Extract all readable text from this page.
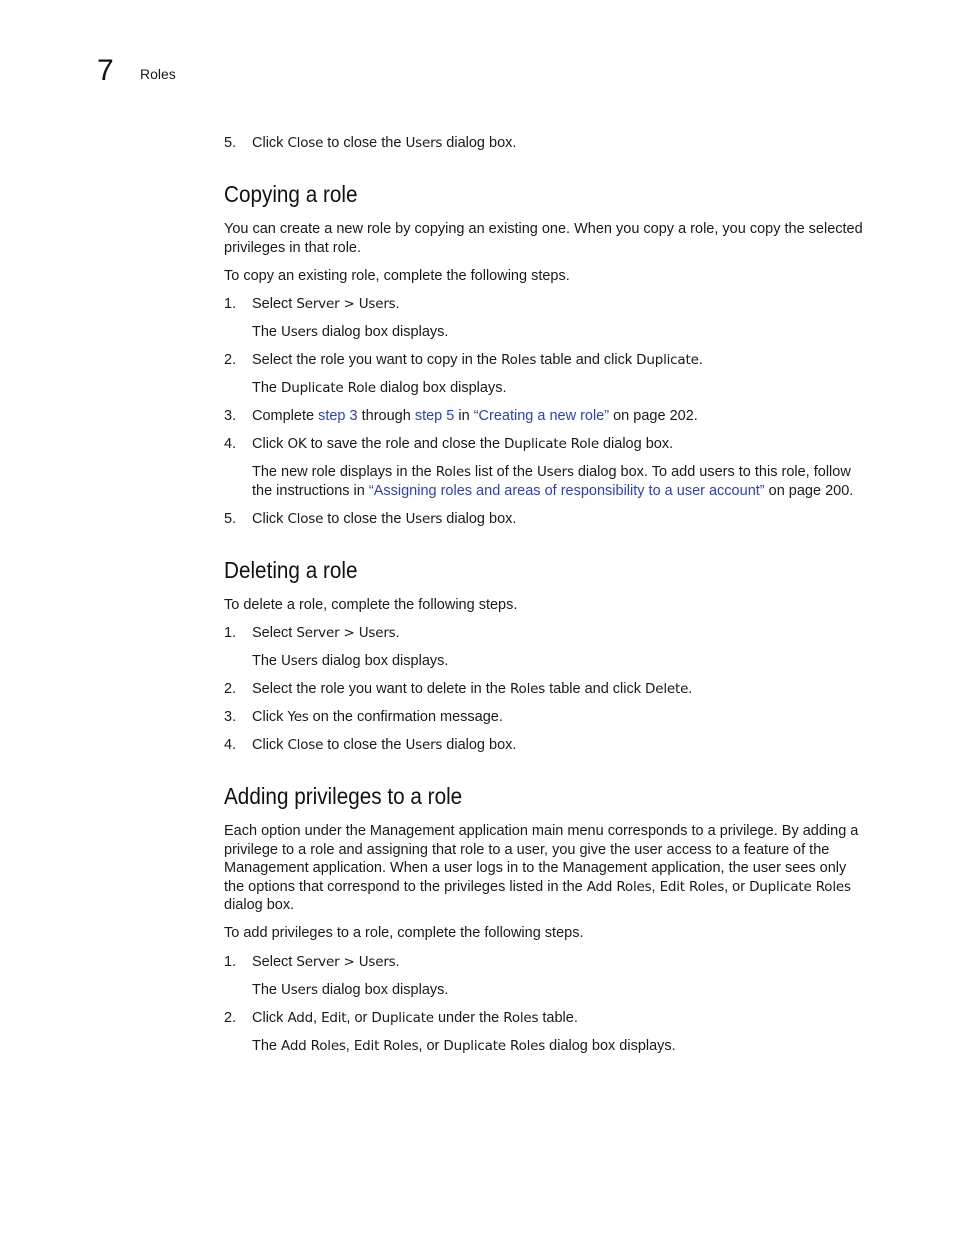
7 Roles
5. Click Close to close the Users dialog box.
Copying a role
You can create a new role by copying an existing one. When you copy a role, you copy the selected privileges in that role.
To copy an existing role, complete the following steps.
1. Select Server > Users.
The Users dialog box displays.
2. Select the role you want to copy in the Roles table and click Duplicate.
The Duplicate Role dialog box displays.
3. Complete step 3 through step 5 in “Creating a new role” on page 202.
4. Click OK to save the role and close the Duplicate Role dialog box.
The new role displays in the Roles list of the Users dialog box. To add users to this role, follow
the instructions in “Assigning roles and areas of responsibility to a user account” on page 200.
5. Click Close to close the Users dialog box.
Deleting a role
To delete a role, complete the following steps.
1. Select Server > Users.
The Users dialog box displays.
2. Select the role you want to delete in the Roles table and click Delete.
3. Click Yes on the confirmation message.
4. Click Close to close the Users dialog box.
Adding privileges to a role
Each option under the Management application main menu corresponds to a privilege. By adding a
privilege to a role and assigning that role to a user, you give the user access to a feature of the
Management application. When a user logs in to the Management application, the user sees only
the options that correspond to the privileges listed in the Add Roles, Edit Roles, or Duplicate Roles
dialog box.
To add privileges to a role, complete the following steps.
1. Select Server > Users.
The Users dialog box displays.
2. Click Add, Edit, or Duplicate under the Roles table.
The Add Roles, Edit Roles, or Duplicate Roles dialog box displays.
